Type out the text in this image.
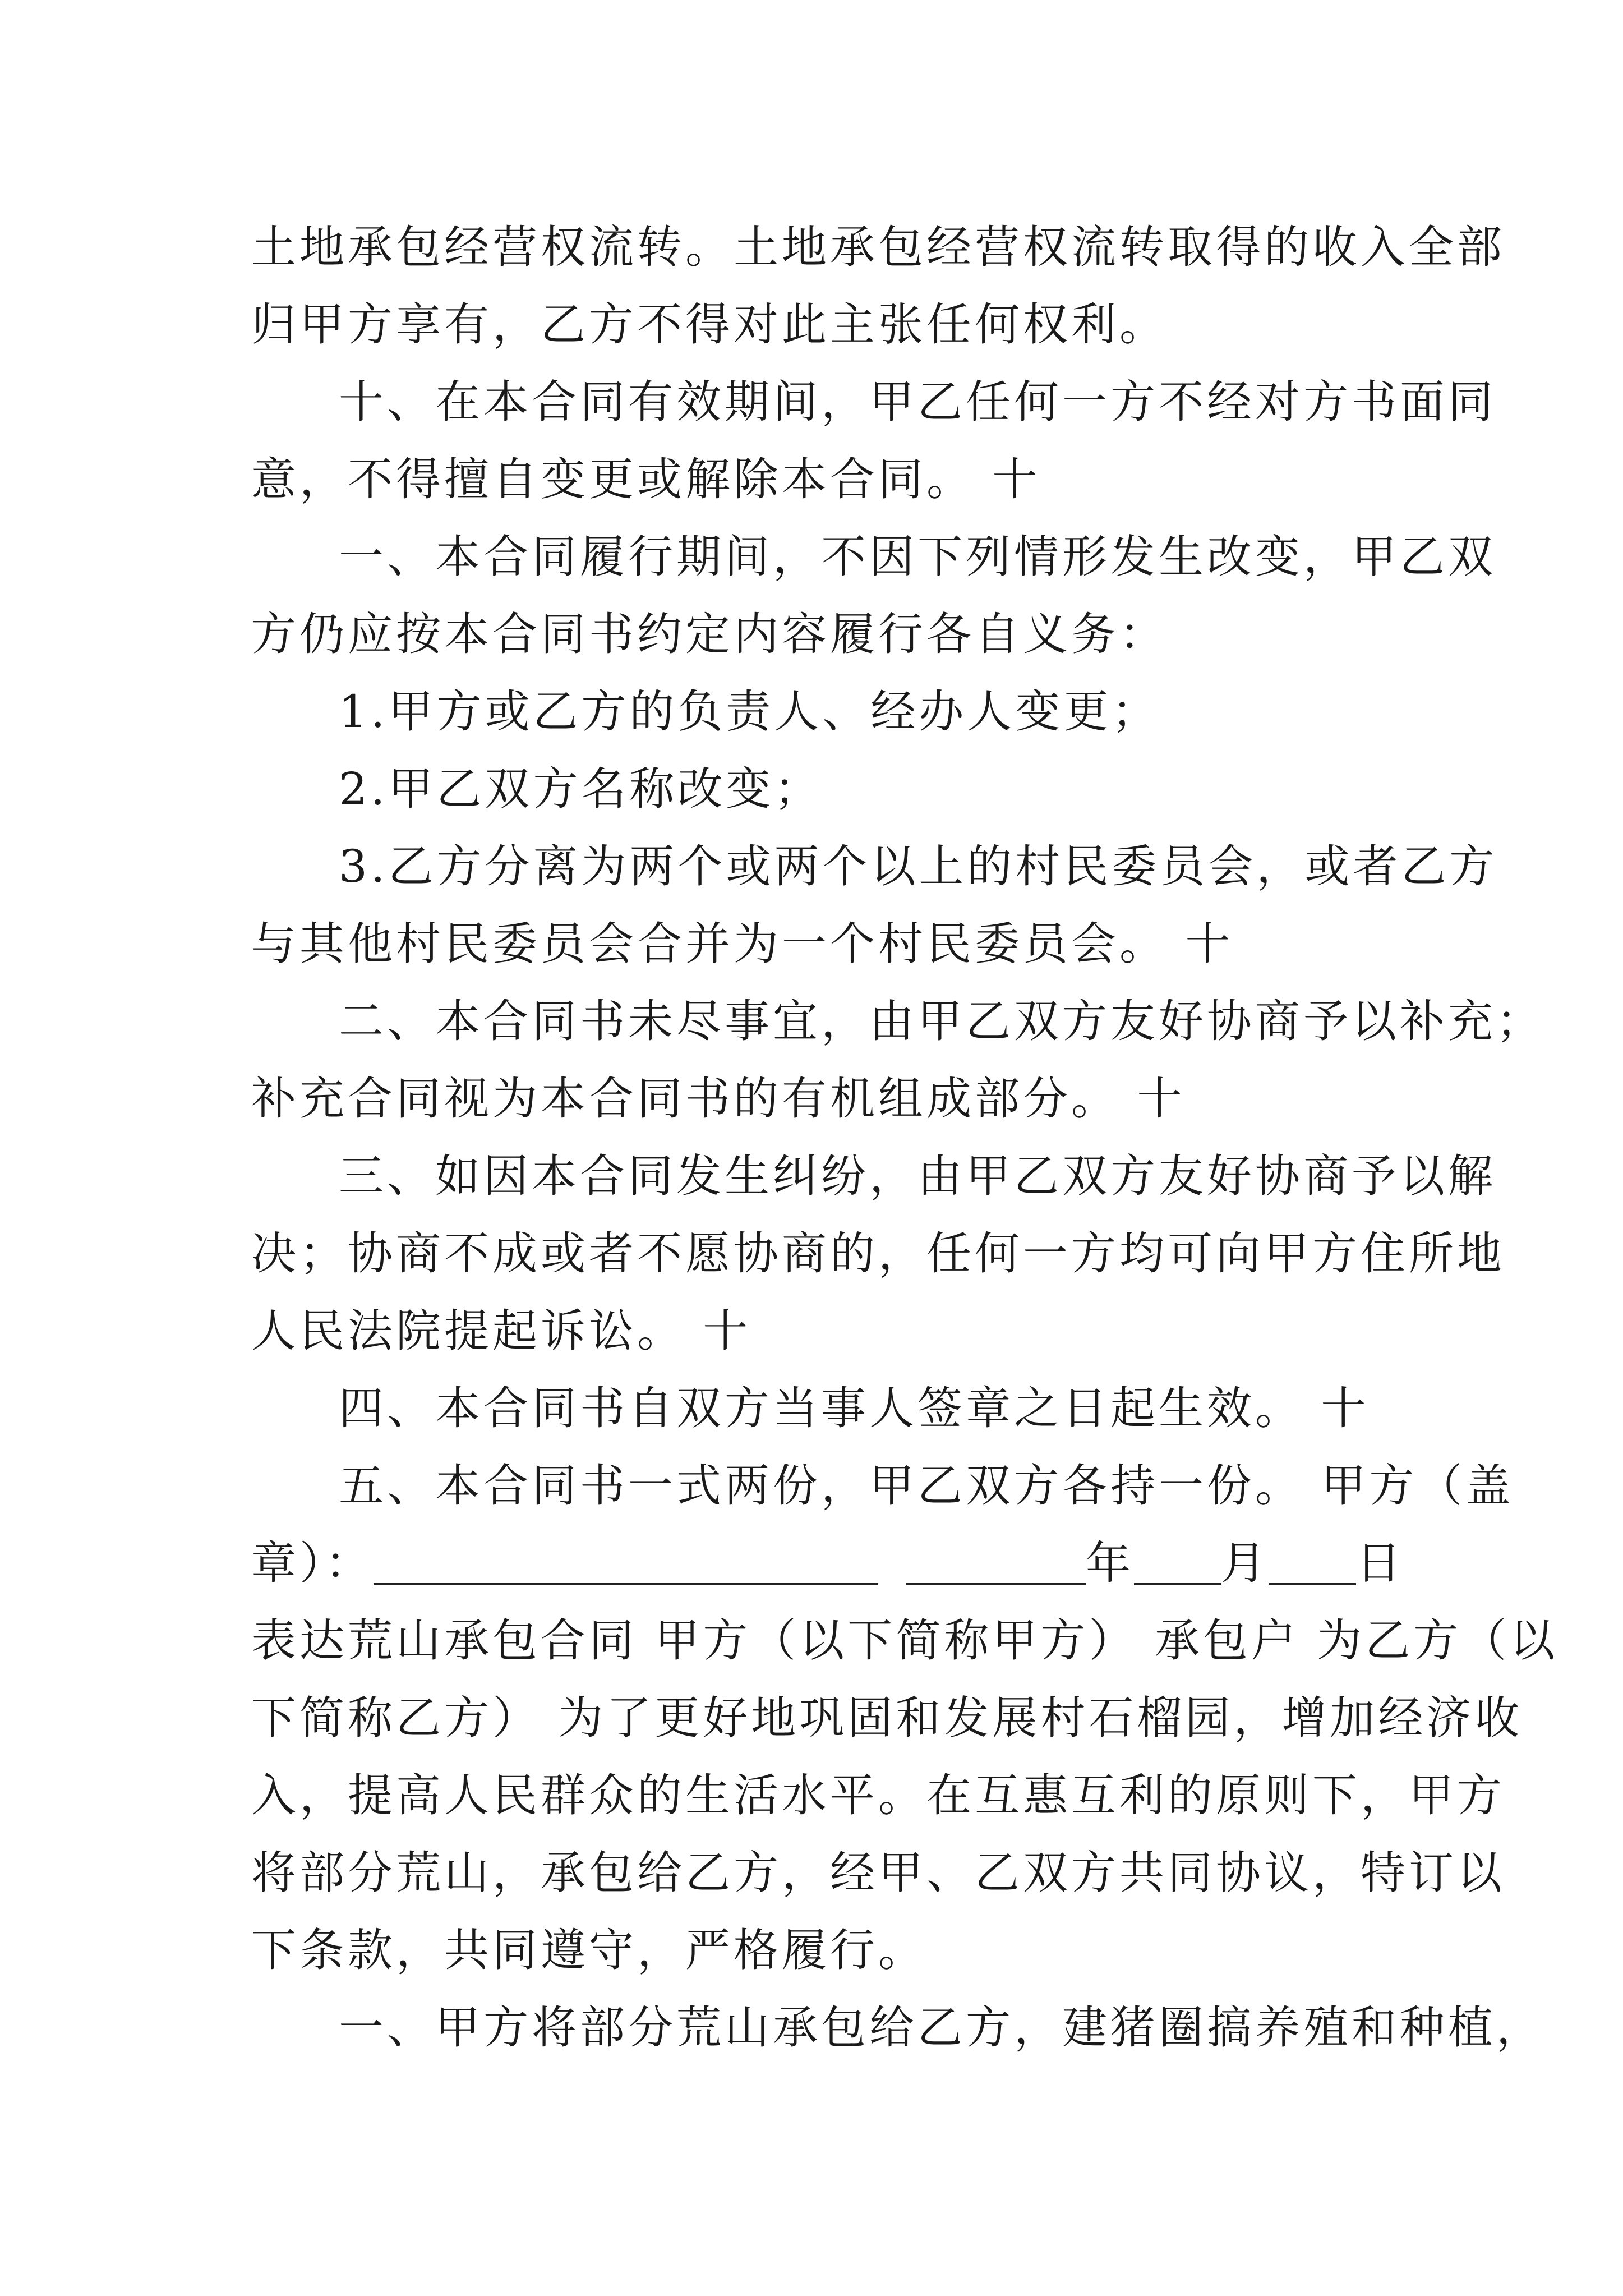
土地承包经营权流转。土地承包经营权流转取得的收入全部
归甲方享有，乙方不得对此主张任何权利。
十、在本合同有效期间，甲乙任何一方不经对方书面同
意，不得擅自变更或解除本合同。 十
一、本合同履行期间，不因下列情形发生改变，甲乙双
方仍应按本合同书约定内容履行各自义务：
1.甲方或乙方的负责人、经办人变更；
2.甲乙双方名称改变；
3.乙方分离为两个或两个以上的村民委员会，或者乙方
与其他村民委员会合并为一个村民委员会。 十
二、本合同书未尽事宜，由甲乙双方友好协商予以补充；
补充合同视为本合同书的有机组成部分。 十
三、如因本合同发生纠纷，由甲乙双方友好协商予以解
决；协商不成或者不愿协商的，任何一方均可向甲方住所地
人民法院提起诉讼。 十
四、本合同书自双方当事人签章之日起生效。 十
五、本合同书一式两份，甲乙双方各持一份。 甲方（盖
章）：	年 月 日
表达荒山承包合同 甲方（以下简称甲方） 承包户 为乙方（以
下简称乙方） 为了更好地巩固和发展村石榴园，增加经济收
入，提高人民群众的生活水平。在互惠互利的原则下，甲方
将部分荒山，承包给乙方，经甲、乙双方共同协议，特订以
下条款，共同遵守，严格履行。
一、甲方将部分荒山承包给乙方，建猪圈搞养殖和种植，
